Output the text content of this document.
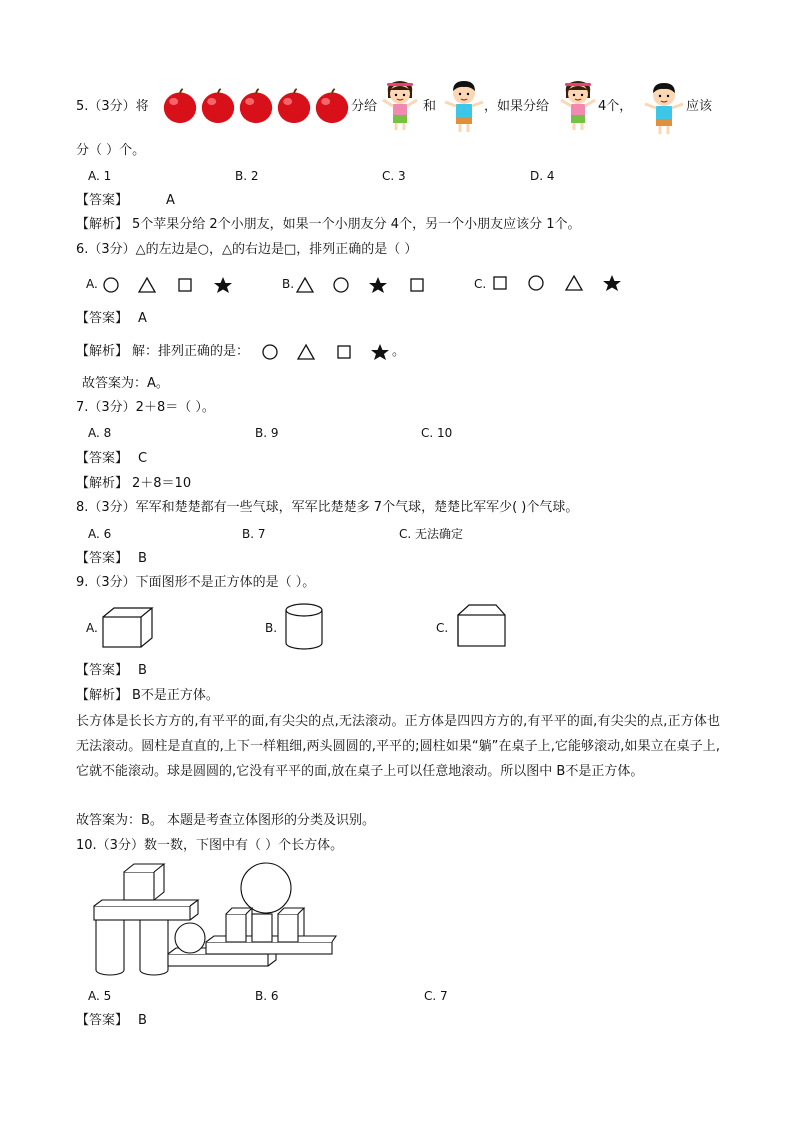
5.（3分）将	分给	和	，如果分给	4个，	应该
分（ ）个。
A. 1	B. 2	C. 3	D. 4
【答案】	A
【解析】 5个苹果分给 2个小朋友，如果一个小朋友分 4个，另一个小朋友应该分 1个。
6.（3分）△的左边是○，△的右边是□，排列正确的是（ ）
A.	B.	C.
【答案】 A
【解析】 解：排列正确的是：	。
故答案为：A。
7.（3分）2＋8＝（ ）。
A. 8	B. 9	C. 10
【答案】 C
【解析】 2＋8＝10
8.（3分）军军和楚楚都有一些气球，军军比楚楚多 7个气球，楚楚比军军少( )个气球。
A. 6	B. 7	C. 无法确定
【答案】 B
9.（3分）下面图形不是正方体的是（ ）。
A.	B.	C.
【答案】 B
【解析】 B不是正方体。
长方体是长长方方的,有平平的面,有尖尖的点,无法滚动。正方体是四四方方的,有平平的面,有尖尖的点,正方体也无法滚动。圆柱是直直的,上下一样粗细,两头圆圆的,平平的;圆柱如果“躺”在桌子上,它能够滚动,如果立在桌子上,它就不能滚动。球是圆圆的,它没有平平的面,放在桌子上可以任意地滚动。所以图中 B不是正方体。
故答案为：B。 本题是考查立体图形的分类及识别。
10.（3分）数一数，下图中有（ ）个长方体。
A. 5	B. 6	C. 7
【答案】 B
